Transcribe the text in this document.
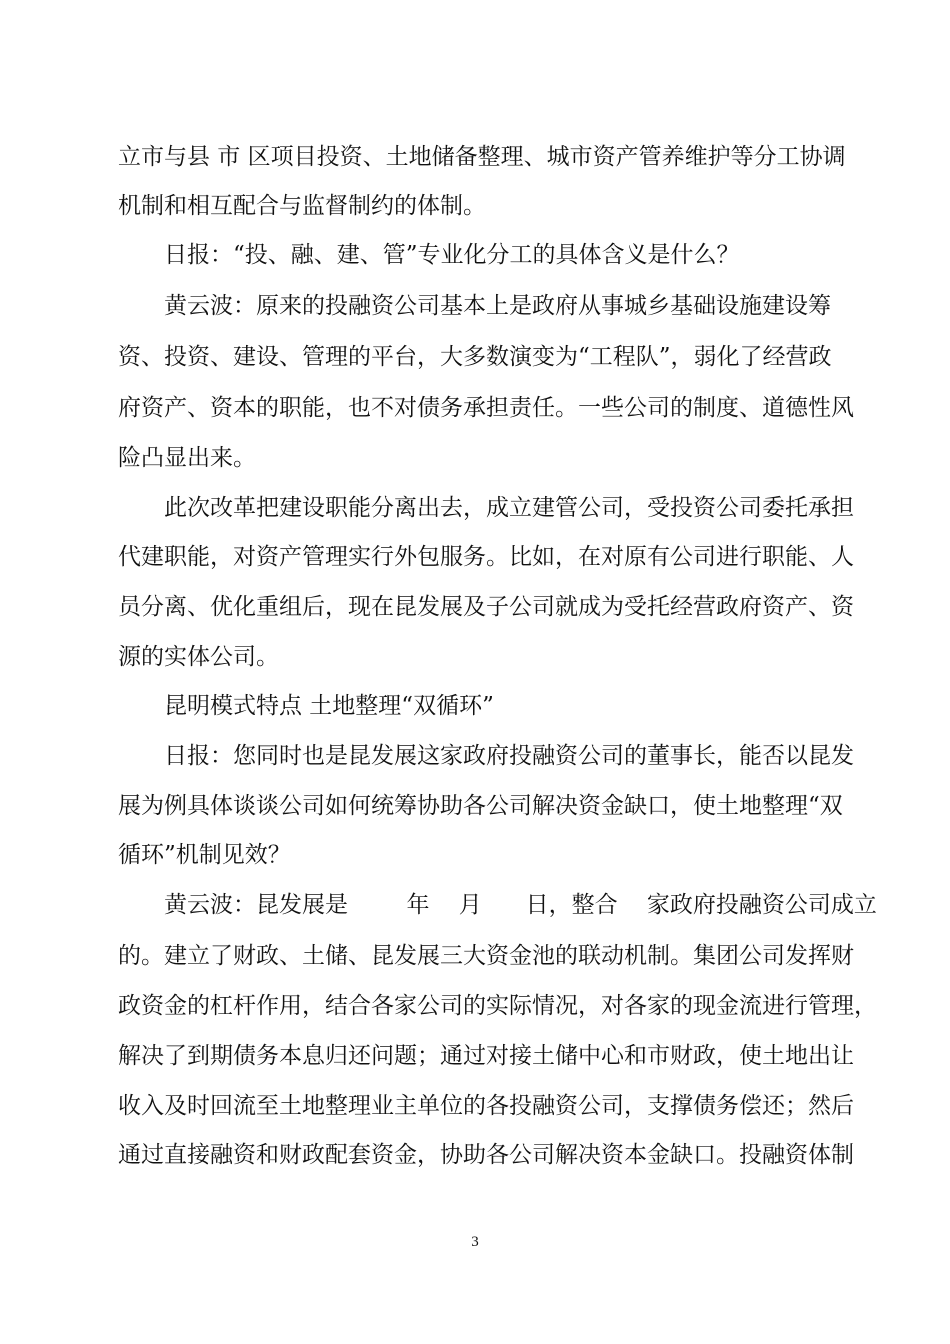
立市与县 市 区项目投资、土地储备整理、城市资产管养维护等分工协调
机制和相互配合与监督制约的体制。
日报：“投、融、建、管”专业化分工的具体含义是什么？
黄云波：原来的投融资公司基本上是政府从事城乡基础设施建设筹
资、投资、建设、管理的平台，大多数演变为“工程队”，弱化了经营政
府资产、资本的职能，也不对债务承担责任。一些公司的制度、道德性风
险凸显出来。
此次改革把建设职能分离出去，成立建管公司，受投资公司委托承担
代建职能，对资产管理实行外包服务。比如，在对原有公司进行职能、人
员分离、优化重组后，现在昆发展及子公司就成为受托经营政府资产、资
源的实体公司。
昆明模式特点 土地整理“双循环”
日报：您同时也是昆发展这家政府投融资公司的董事长，能否以昆发
展为例具体谈谈公司如何统筹协助各公司解决资金缺口，使土地整理“双
循环”机制见效？
黄云波：昆发展是        年    月      日，整合    家政府投融资公司成立
的。建立了财政、土储、昆发展三大资金池的联动机制。集团公司发挥财
政资金的杠杆作用，结合各家公司的实际情况，对各家的现金流进行管理，
解决了到期债务本息归还问题；通过对接土储中心和市财政，使土地出让
收入及时回流至土地整理业主单位的各投融资公司，支撑债务偿还；然后
通过直接融资和财政配套资金，协助各公司解决资本金缺口。投融资体制
3
